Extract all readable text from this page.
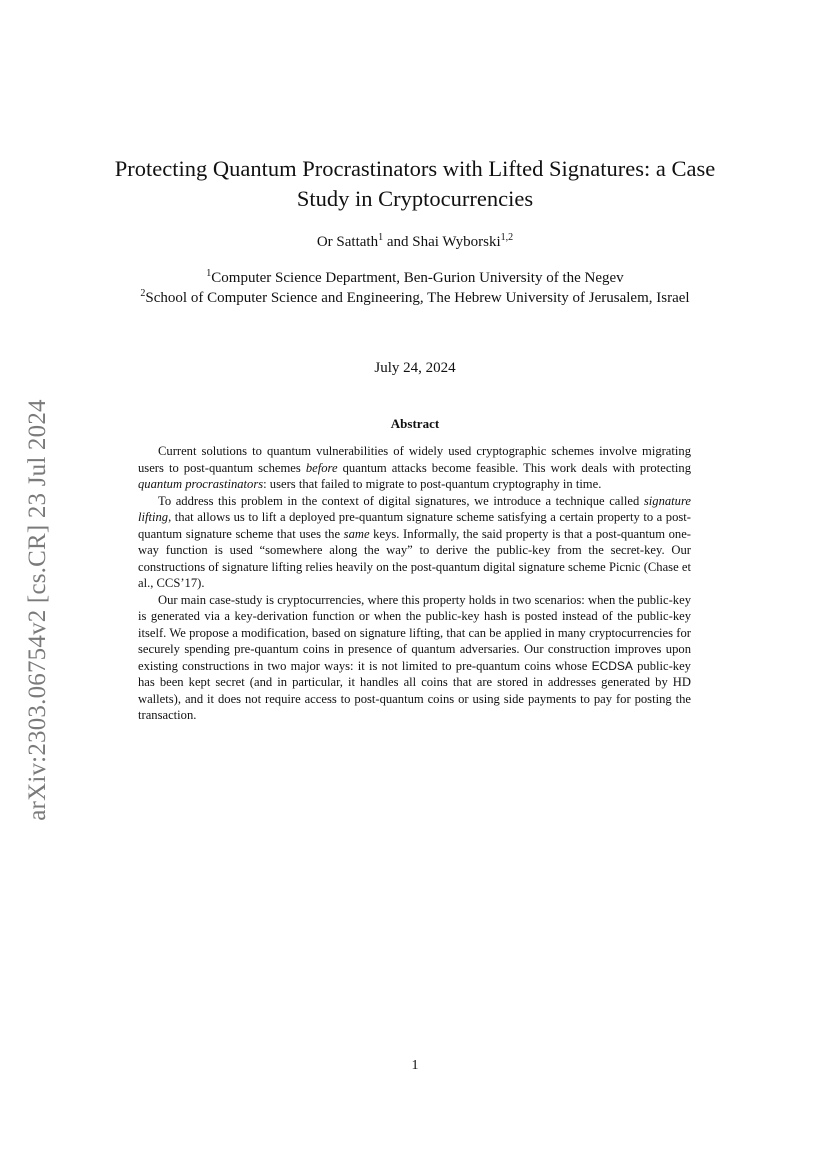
arXiv:2303.06754v2 [cs.CR] 23 Jul 2024
Protecting Quantum Procrastinators with Lifted Signatures: a Case Study in Cryptocurrencies
Or Sattath$^1$ and Shai Wyborski$^{1,2}$
$^1$Computer Science Department, Ben-Gurion University of the Negev
$^2$School of Computer Science and Engineering, The Hebrew University of Jerusalem, Israel
July 24, 2024
Abstract

Current solutions to quantum vulnerabilities of widely used cryptographic schemes involve migrating users to post-quantum schemes before quantum attacks become feasible. This work deals with protecting quantum procrastinators: users that failed to migrate to post-quantum cryptography in time.

To address this problem in the context of digital signatures, we introduce a technique called signature lifting, that allows us to lift a deployed pre-quantum signature scheme satisfying a certain property to a post-quantum signature scheme that uses the same keys. Informally, the said property is that a post-quantum one-way function is used “somewhere along the way” to derive the public-key from the secret-key. Our constructions of signature lifting relies heavily on the post-quantum digital signature scheme Picnic (Chase et al., CCS’17).

Our main case-study is cryptocurrencies, where this property holds in two scenarios: when the public-key is generated via a key-derivation function or when the public-key hash is posted instead of the public-key itself. We propose a modification, based on signature lifting, that can be applied in many cryptocurrencies for securely spending pre-quantum coins in presence of quantum adversaries. Our construction improves upon existing constructions in two major ways: it is not limited to pre-quantum coins whose ECDSA public-key has been kept secret (and in particular, it handles all coins that are stored in addresses generated by HD wallets), and it does not require access to post-quantum coins or using side payments to pay for posting the transaction.

1
